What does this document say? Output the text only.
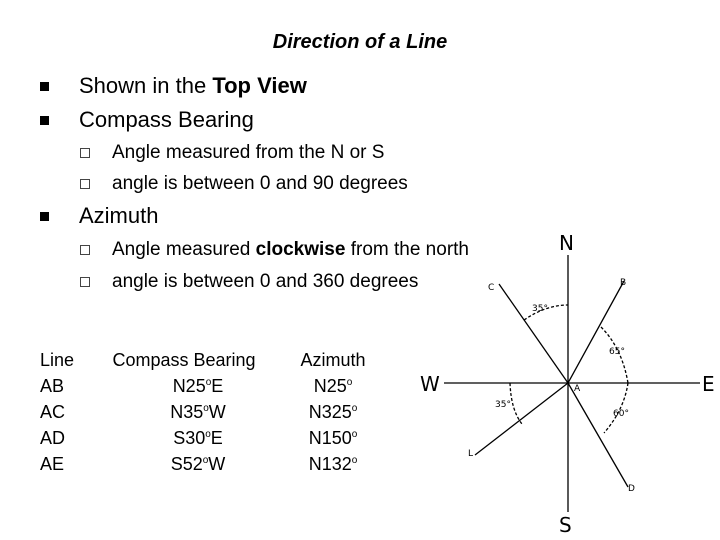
Direction of a Line
Shown in the Top View
Compass Bearing
Angle measured from the N or S
angle is between 0 and 90 degrees
Azimuth
Angle measured clockwise from the north
angle is between 0 and 360 degrees
Line
AB
AC
AD
AE
Compass Bearing
N25$^o$E
N35$^o$W
S30$^o$E
S52$^o$W
Azimuth
N25$^o$
N325$^o$
N150$^o$
N132$^o$
N
S
E
W	A
B
C
D
L
35°
65°
35°
60°
